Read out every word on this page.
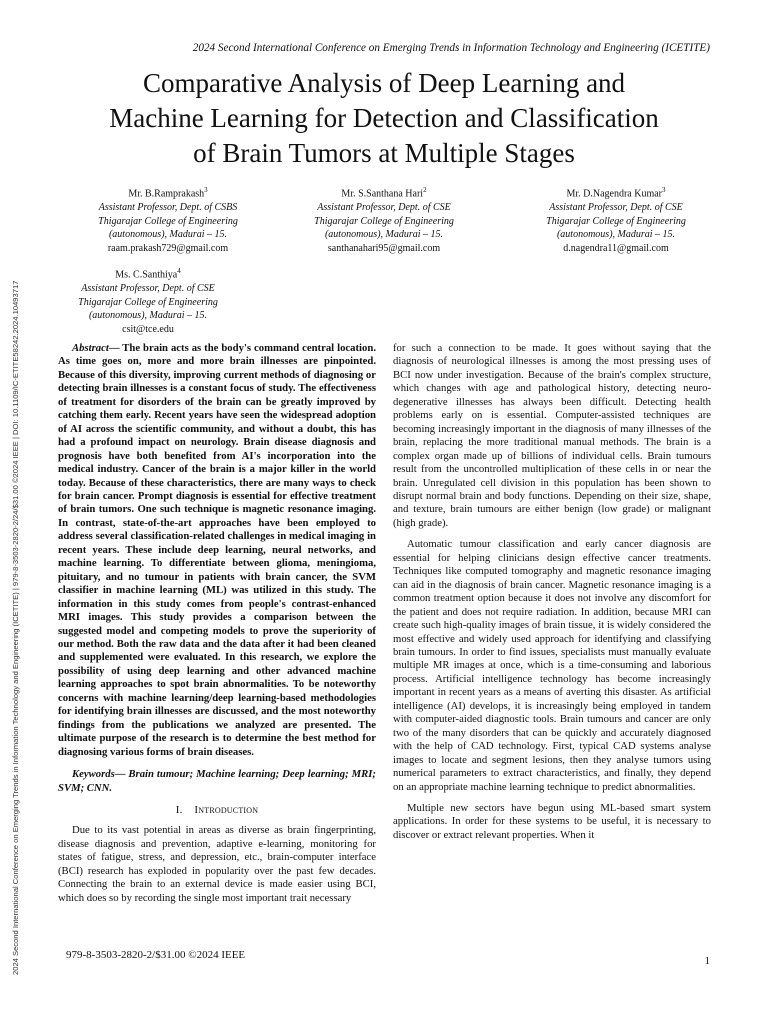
2024 Second International Conference on Emerging Trends in Information Technology and Engineering (ICETITE) | 979-8-3503-2820-2/24/$31.00 ©2024 IEEE | DOI: 10.1109/IC-ETITE58242.2024.10493717
2024 Second International Conference on Emerging Trends in Information Technology and Engineering (ICETITE)
Comparative Analysis of Deep Learning and
Machine Learning for Detection and Classification
of Brain Tumors at Multiple Stages
Mr. B.Ramprakash$^3$
Assistant Professor, Dept. of CSBS
Thigarajar College of Engineering
(autonomous), Madurai – 15.
raam.prakash729@gmail.com
Mr. S.Santhana Hari$^2$
Assistant Professor, Dept. of CSE
Thigarajar College of Engineering
(autonomous), Madurai – 15.
santhanahari95@gmail.com
Mr. D.Nagendra Kumar$^3$
Assistant Professor, Dept. of CSE
Thigarajar College of Engineering
(autonomous), Madurai – 15.
d.nagendra11@gmail.com
Ms. C.Santhiya$^4$
Assistant Professor, Dept. of CSE
Thigarajar College of Engineering
(autonomous), Madurai – 15.
csit@tce.edu

Abstract— The brain acts as the body's command central location. As time goes on, more and more brain illnesses are pinpointed. Because of this diversity, improving current methods of diagnosing or detecting brain illnesses is a constant focus of study. The effectiveness of treatment for disorders of the brain can be greatly improved by catching them early. Recent years have seen the widespread adoption of AI across the scientific community, and without a doubt, this has had a profound impact on neurology. Brain disease diagnosis and prognosis have both benefited from AI's incorporation into the medical industry. Cancer of the brain is a major killer in the world today. Because of these characteristics, there are many ways to check for brain cancer. Prompt diagnosis is essential for effective treatment of brain tumors. One such technique is magnetic resonance imaging. In contrast, state-of-the-art approaches have been employed to address several classification-related challenges in medical imaging in recent years. These include deep learning, neural networks, and machine learning. To differentiate between glioma, meningioma, pituitary, and no tumour in patients with brain cancer, the SVM classifier in machine learning (ML) was utilized in this study. The information in this study comes from people's contrast-enhanced MRI images. This study provides a comparison between the suggested model and competing models to prove the superiority of our method. Both the raw data and the data after it had been cleaned and supplemented were evaluated. In this research, we explore the possibility of using deep learning and other advanced machine learning approaches to spot brain abnormalities. To be noteworthy concerns with machine learning/deep learning-based methodologies for identifying brain illnesses are discussed, and the most noteworthy findings from the publications we analyzed are presented. The ultimate purpose of the research is to determine the best method for diagnosing various forms of brain diseases.

Keywords— Brain tumour; Machine learning; Deep learning; MRI; SVM; CNN.

I. Introduction

Due to its vast potential in areas as diverse as brain fingerprinting, disease diagnosis and prevention, adaptive e-learning, monitoring for states of fatigue, stress, and depression, etc., brain-computer interface (BCI) research has exploded in popularity over the past few decades. Connecting the brain to an external device is made easier using BCI, which does so by recording the single most important trait necessary

for such a connection to be made. It goes without saying that the diagnosis of neurological illnesses is among the most pressing uses of BCI now under investigation. Because of the brain's complex structure, which changes with age and pathological history, detecting neuro-degenerative illnesses has always been difficult. Detecting health problems early on is essential. Computer-assisted techniques are becoming increasingly important in the diagnosis of many illnesses of the brain, replacing the more traditional manual methods. The brain is a complex organ made up of billions of individual cells. Brain tumours result from the uncontrolled multiplication of these cells in or near the brain. Unregulated cell division in this population has been shown to disrupt normal brain and body functions. Depending on their size, shape, and texture, brain tumours are either benign (low grade) or malignant (high grade).

Automatic tumour classification and early cancer diagnosis are essential for helping clinicians design effective cancer treatments. Techniques like computed tomography and magnetic resonance imaging can aid in the diagnosis of brain cancer. Magnetic resonance imaging is a common treatment option because it does not involve any discomfort for the patient and does not require radiation. In addition, because MRI can create such high-quality images of brain tissue, it is widely considered the most effective and widely used approach for identifying and classifying brain tumours. In order to find issues, specialists must manually evaluate multiple MR images at once, which is a time-consuming and laborious process. Artificial intelligence technology has become increasingly important in recent years as a means of averting this disaster. As artificial intelligence (AI) develops, it is increasingly being employed in tandem with computer-aided diagnostic tools. Brain tumours and cancer are only two of the many disorders that can be quickly and accurately diagnosed with the help of CAD technology. First, typical CAD systems analyse images to locate and segment lesions, then they analyse tumors using numerical parameters to extract characteristics, and finally, they depend on an appropriate machine learning technique to predict abnormalities.

Multiple new sectors have begun using ML-based smart system applications. In order for these systems to be useful, it is necessary to discover or extract relevant properties. When it

979-8-3503-2820-2/$31.00 ©2024 IEEE	1
